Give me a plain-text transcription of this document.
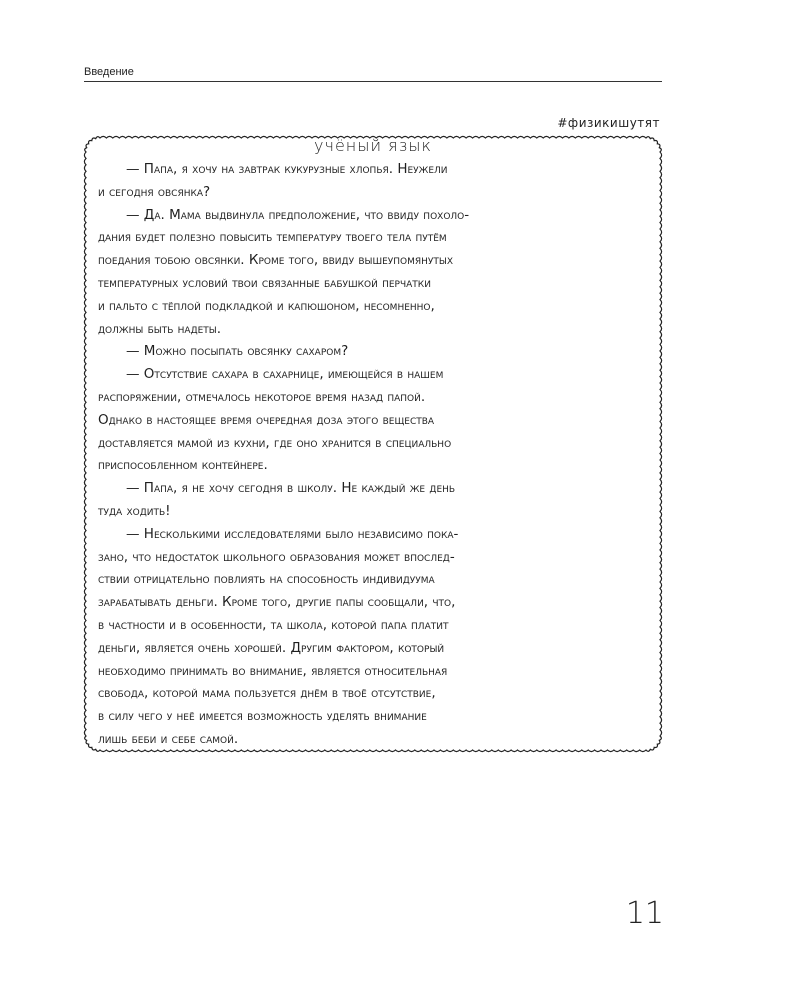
Введение
#физикишутят
учёный язык

— Папа, я хочу на завтрак кукурузные хлопья. Неужели
и сегодня овсянка?

— Да. Мама выдвинула предположение, что ввиду похоло-
дания будет полезно повысить температуру твоего тела путём
поедания тобою овсянки. Кроме того, ввиду вышеупомянутых
температурных условий твои связанные бабушкой перчатки
и пальто с тёплой подкладкой и капюшоном, несомненно,
должны быть надеты.

— Можно посыпать овсянку сахаром?

— Отсутствие сахара в сахарнице, имеющейся в нашем
распоряжении, отмечалось некоторое время назад папой.
Однако в настоящее время очередная доза этого вещества
доставляется мамой из кухни, где оно хранится в специально
приспособленном контейнере.

— Папа, я не хочу сегодня в школу. Не каждый же день
туда ходить!

— Несколькими исследователями было независимо пока-
зано, что недостаток школьного образования может впослед-
ствии отрицательно повлиять на способность индивидуума
зарабатывать деньги. Кроме того, другие папы сообщали, что,
в частности и в особенности, та школа, которой папа платит
деньги, является очень хорошей. Другим фактором, который
необходимо принимать во внимание, является относительная
свобода, которой мама пользуется днём в твоё отсутствие,
в силу чего у неё имеется возможность уделять внимание
лишь беби и себе самой.

11
